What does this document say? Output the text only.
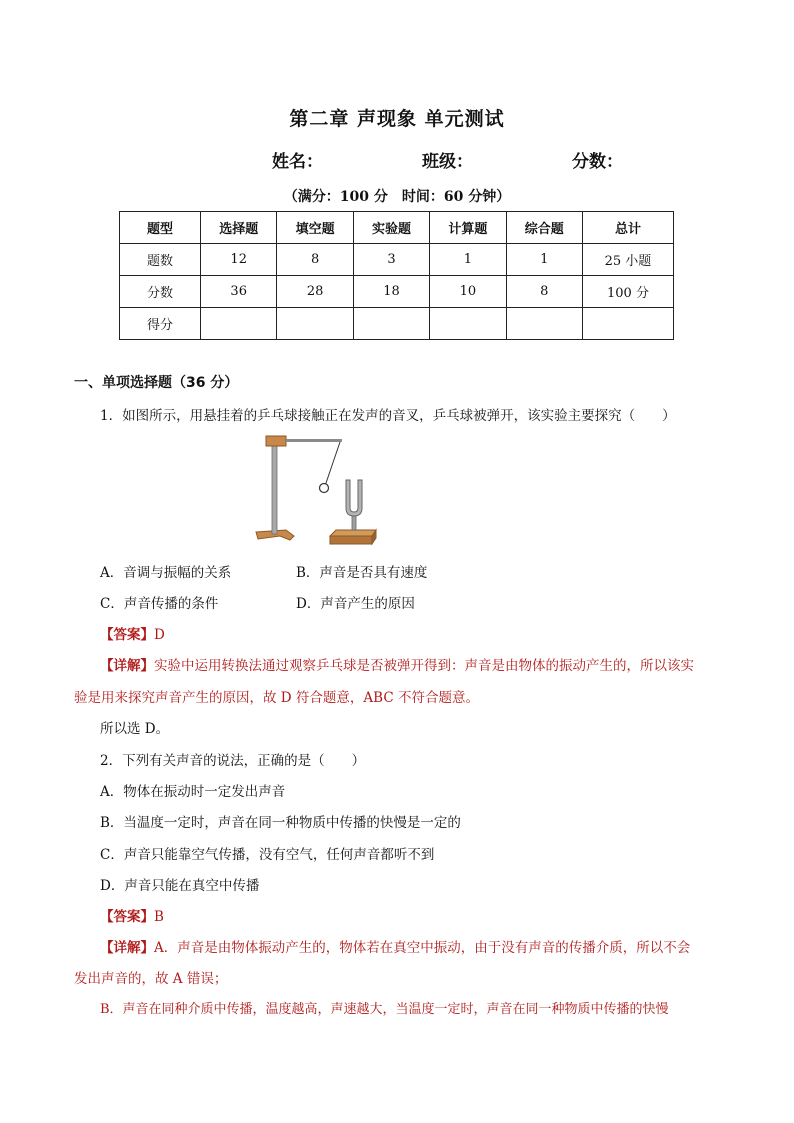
第二章 声现象 单元测试
姓名：	班级：	分数：
（满分：100 分　时间：60 分钟）
题型	选择题	填空题	实验题	计算题	综合题	总计
题数	12	8	3	1	1	25 小题
分数	36	28	18	10	8	100 分
得分						
一、单项选择题（36 分）
1．如图所示，用悬挂着的乒乓球接触正在发声的音叉，乒乓球被弹开，该实验主要探究（　　）
A．音调与振幅的关系	B．声音是否具有速度
C．声音传播的条件	D．声音产生的原因
【答案】D
【详解】实验中运用转换法通过观察乒乓球是否被弹开得到：声音是由物体的振动产生的，所以该实
验是用来探究声音产生的原因，故 D 符合题意，ABC 不符合题意。
所以选 D。
2．下列有关声音的说法，正确的是（　　）
A．物体在振动时一定发出声音
B．当温度一定时，声音在同一种物质中传播的快慢是一定的
C．声音只能靠空气传播，没有空气，任何声音都听不到
D．声音只能在真空中传播
【答案】B
【详解】A．声音是由物体振动产生的，物体若在真空中振动，由于没有声音的传播介质，所以不会
发出声音的，故 A 错误；
B．声音在同种介质中传播，温度越高，声速越大，当温度一定时，声音在同一种物质中传播的快慢
